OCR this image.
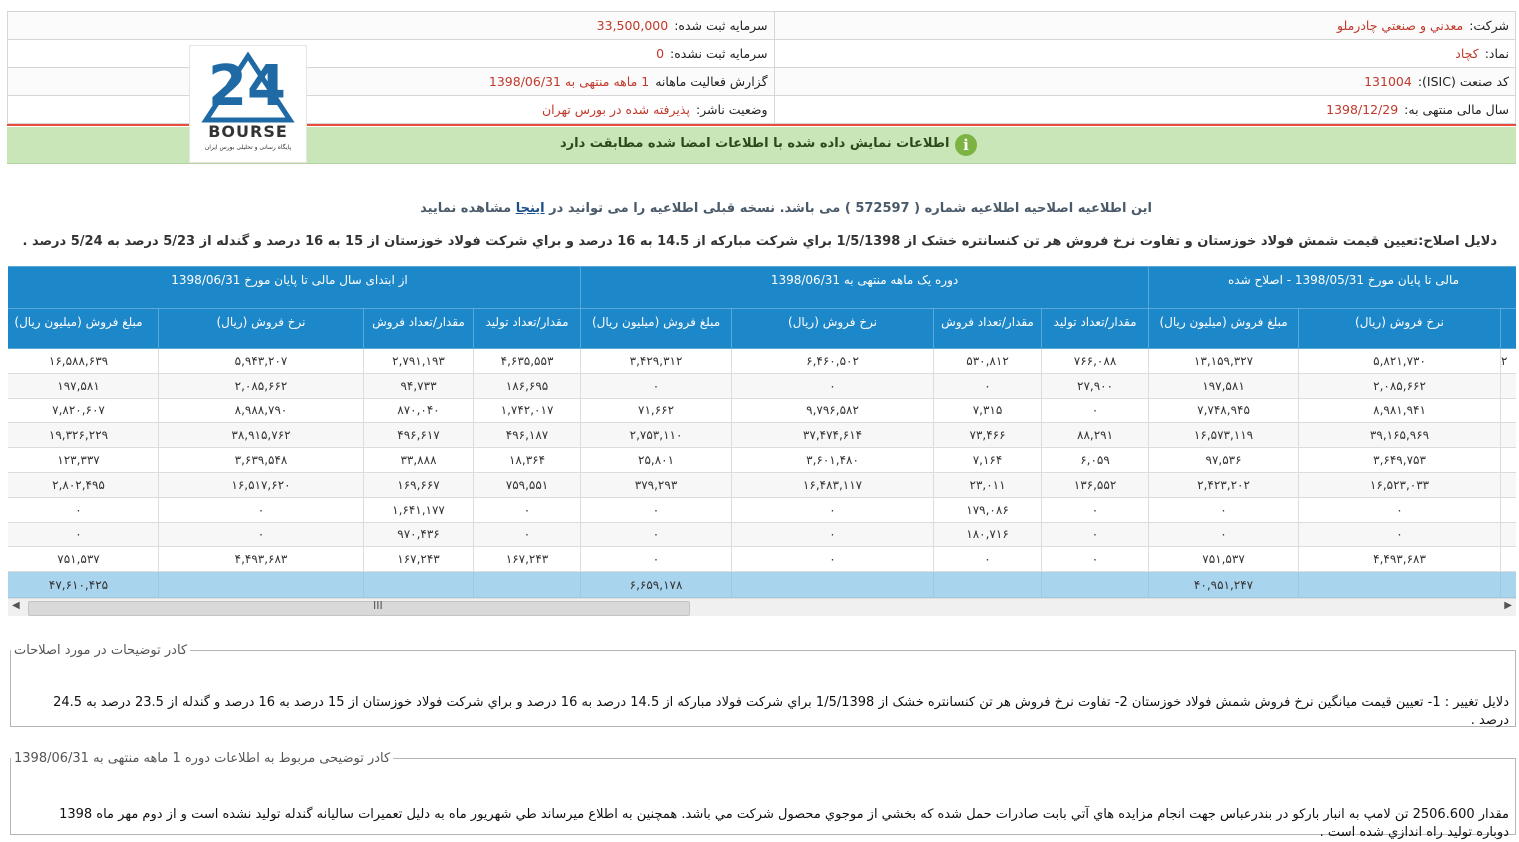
سرمایه ثبت شده:33,500,000	شرکت:معدني و صنعتي چادرملو
سرمایه ثبت نشده:0	نماد:کچاد
گزارش فعالیت ماهانه1 ماهه منتهی به 1398/06/31	کد صنعت (ISIC):131004
وضعیت ناشر:پذیرفته شده در بورس تهران	سال مالی منتهی به:1398/12/29
اطلاعات نمایش داده شده با اطلاعات امضا شده مطابقت دارد i
24
BOURSE
پایگاه رسانی و تحلیلی بورس ایران
این اطلاعیه اصلاحیه اطلاعیه شماره ( 572597 ) می باشد. نسخه قبلی اطلاعیه را می توانید در اینجا مشاهده نمایید
دلایل اصلاح:تعیین قیمت شمش فولاد خوزستان و تفاوت نرخ فروش هر تن کنسانتره خشک از 1/5/1398 براي شرکت مبارکه از 14.5 به 16 درصد و براي شرکت فولاد خوزستان از 15 به 16 درصد و گندله از 5/23 درصد به 5/24 درصد .
از ابتدای سال مالی تا پایان مورخ 1398/06/31				دوره یک ماهه منتهی به 1398/06/31				مالی تا پایان مورخ 1398/05/31 - اصلاح شده		
مبلغ فروش (میلیون ریال)	نرخ فروش (ریال)	مقدار/تعداد فروش	مقدار/تعداد تولید	مبلغ فروش (میلیون ریال)	نرخ فروش (ریال)	مقدار/تعداد فروش	مقدار/تعداد تولید	مبلغ فروش (میلیون ریال)	نرخ فروش (ریال)	
۱۶,۵۸۸,۶۳۹	۵,۹۴۳,۲۰۷	۲,۷۹۱,۱۹۳	۴,۶۳۵,۵۵۳	۳,۴۲۹,۳۱۲	۶,۴۶۰,۵۰۲	۵۳۰,۸۱۲	۷۶۶,۰۸۸	۱۳,۱۵۹,۳۲۷	۵,۸۲۱,۷۳۰	۲
۱۹۷,۵۸۱	۲,۰۸۵,۶۶۲	۹۴,۷۳۳	۱۸۶,۶۹۵	۰	۰	۰	۲۷,۹۰۰	۱۹۷,۵۸۱	۲,۰۸۵,۶۶۲	
۷,۸۲۰,۶۰۷	۸,۹۸۸,۷۹۰	۸۷۰,۰۴۰	۱,۷۴۲,۰۱۷	۷۱,۶۶۲	۹,۷۹۶,۵۸۲	۷,۳۱۵	۰	۷,۷۴۸,۹۴۵	۸,۹۸۱,۹۴۱	
۱۹,۳۲۶,۲۲۹	۳۸,۹۱۵,۷۶۲	۴۹۶,۶۱۷	۴۹۶,۱۸۷	۲,۷۵۳,۱۱۰	۳۷,۴۷۴,۶۱۴	۷۳,۴۶۶	۸۸,۲۹۱	۱۶,۵۷۳,۱۱۹	۳۹,۱۶۵,۹۶۹	
۱۲۳,۳۳۷	۳,۶۳۹,۵۴۸	۳۳,۸۸۸	۱۸,۳۶۴	۲۵,۸۰۱	۳,۶۰۱,۴۸۰	۷,۱۶۴	۶,۰۵۹	۹۷,۵۳۶	۳,۶۴۹,۷۵۳	
۲,۸۰۲,۴۹۵	۱۶,۵۱۷,۶۲۰	۱۶۹,۶۶۷	۷۵۹,۵۵۱	۳۷۹,۲۹۳	۱۶,۴۸۳,۱۱۷	۲۳,۰۱۱	۱۳۶,۵۵۲	۲,۴۲۳,۲۰۲	۱۶,۵۲۳,۰۳۳	
۰	۰	۱,۶۴۱,۱۷۷	۰	۰	۰	۱۷۹,۰۸۶	۰	۰	۰	
۰	۰	۹۷۰,۴۳۶	۰	۰	۰	۱۸۰,۷۱۶	۰	۰	۰	
۷۵۱,۵۳۷	۴,۴۹۳,۶۸۳	۱۶۷,۲۴۳	۱۶۷,۲۴۳	۰	۰	۰	۰	۷۵۱,۵۳۷	۴,۴۹۳,۶۸۳	
۴۷,۶۱۰,۴۲۵				۶,۶۵۹,۱۷۸				۴۰,۹۵۱,۲۴۷		
◀	III	▶
کادر توضیحات در مورد اصلاحات
دلایل تغییر : 1- تعیین قیمت میانگین نرخ فروش شمش فولاد خوزستان 2- تفاوت نرخ فروش هر تن کنسانتره خشک از 1/5/1398 براي شرکت فولاد مبارکه از 14.5 درصد به 16 درصد و براي شرکت فولاد خوزستان از 15 درصد به 16 درصد و گندله از 23.5 درصد به 24.5 درصد .
کادر توضیحی مربوط به اطلاعات دوره 1 ماهه منتهی به 1398/06/31
مقدار 2506.600 تن لامپ به انبار بارکو در بندرعباس جهت انجام مزایده هاي آتي بابت صادرات حمل شده که بخشي از موجوي محصول شرکت مي باشد. همچنین به اطلاع میرساند طي شهریور ماه به دلیل تعمیرات سالیانه گندله تولید نشده است و از دوم مهر ماه 1398 دوباره تولید راه اندازي شده است .
